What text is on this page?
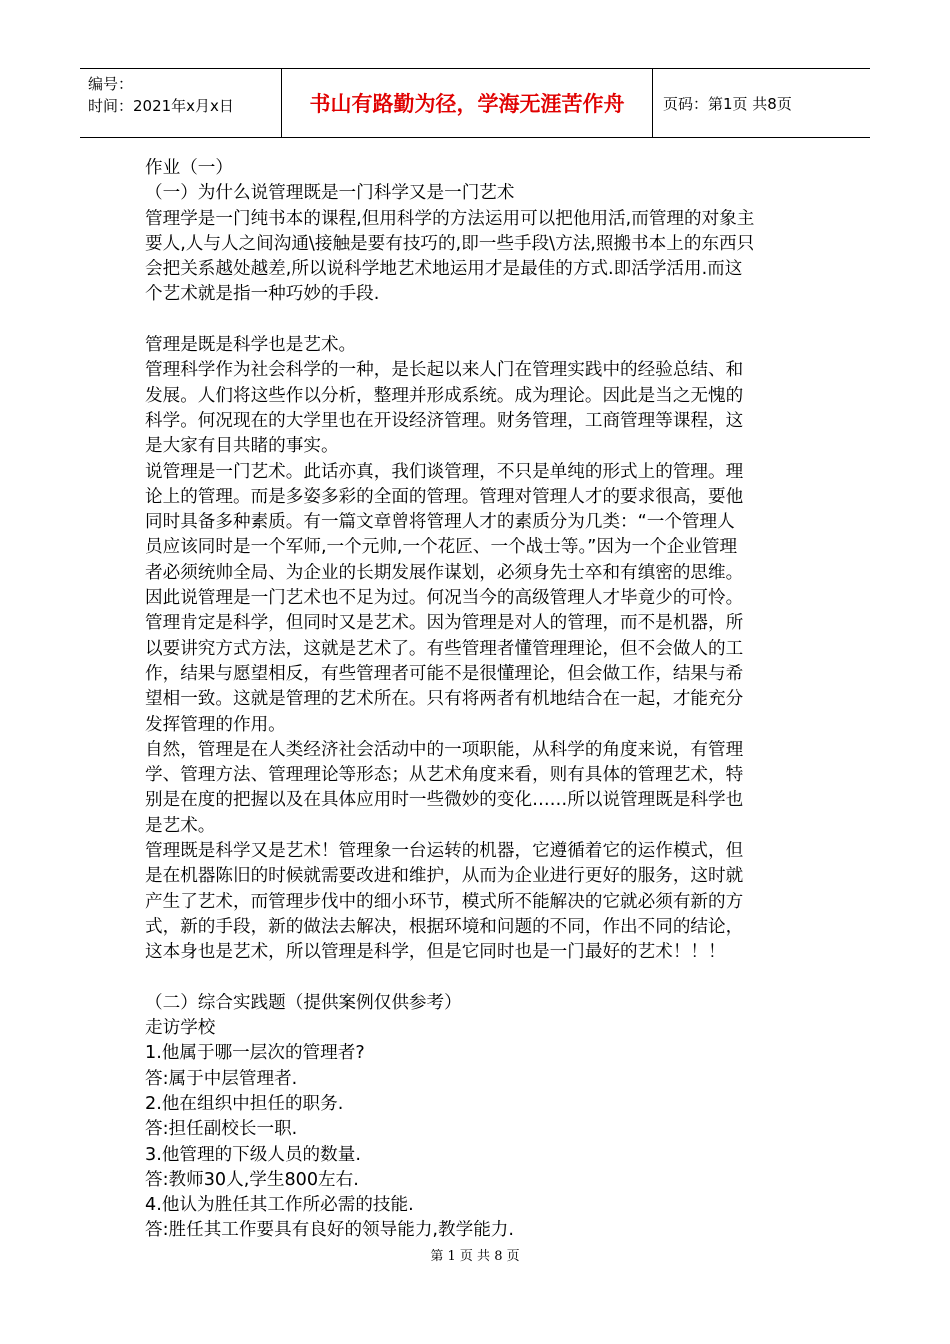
编号：
时间：2021年x月x日	书山有路勤为径，学海无涯苦作舟	页码：第1页 共8页
作业（一）
（一）为什么说管理既是一门科学又是一门艺术
管理学是一门纯书本的课程,但用科学的方法运用可以把他用活,而管理的对象主
要人,人与人之间沟通\接触是要有技巧的,即一些手段\方法,照搬书本上的东西只
会把关系越处越差,所以说科学地艺术地运用才是最佳的方式.即活学活用.而这
个艺术就是指一种巧妙的手段.
管理是既是科学也是艺术。
管理科学作为社会科学的一种，是长起以来人门在管理实践中的经验总结、和
发展。人们将这些作以分析，整理并形成系统。成为理论。因此是当之无愧的
科学。何况现在的大学里也在开设经济管理。财务管理，工商管理等课程，这
是大家有目共睹的事实。
说管理是一门艺术。此话亦真，我们谈管理，不只是单纯的形式上的管理。理
论上的管理。而是多姿多彩的全面的管理。管理对管理人才的要求很高，要他
同时具备多种素质。有一篇文章曾将管理人才的素质分为几类：“一个管理人
员应该同时是一个军师,一个元帅,一个花匠、一个战士等。”因为一个企业管理
者必须统帅全局、为企业的长期发展作谋划，必须身先士卒和有缜密的思维。
因此说管理是一门艺术也不足为过。何况当今的高级管理人才毕竟少的可怜。
管理肯定是科学，但同时又是艺术。因为管理是对人的管理，而不是机器，所
以要讲究方式方法，这就是艺术了。有些管理者懂管理理论，但不会做人的工
作，结果与愿望相反，有些管理者可能不是很懂理论，但会做工作，结果与希
望相一致。这就是管理的艺术所在。只有将两者有机地结合在一起，才能充分
发挥管理的作用。
自然，管理是在人类经济社会活动中的一项职能，从科学的角度来说，有管理
学、管理方法、管理理论等形态；从艺术角度来看，则有具体的管理艺术，特
别是在度的把握以及在具体应用时一些微妙的变化……所以说管理既是科学也
是艺术。
管理既是科学又是艺术！管理象一台运转的机器，它遵循着它的运作模式，但
是在机器陈旧的时候就需要改进和维护，从而为企业进行更好的服务，这时就
产生了艺术，而管理步伐中的细小环节，模式所不能解决的它就必须有新的方
式，新的手段，新的做法去解决，根据环境和问题的不同，作出不同的结论，
这本身也是艺术，所以管理是科学，但是它同时也是一门最好的艺术！！！
（二）综合实践题（提供案例仅供参考）
走访学校
1.他属于哪一层次的管理者?
答:属于中层管理者.
2.他在组织中担任的职务.
答:担任副校长一职.
3.他管理的下级人员的数量.
答:教师30人,学生800左右.
4.他认为胜任其工作所必需的技能.
答:胜任其工作要具有良好的领导能力,教学能力.
第 1 页 共 8 页
